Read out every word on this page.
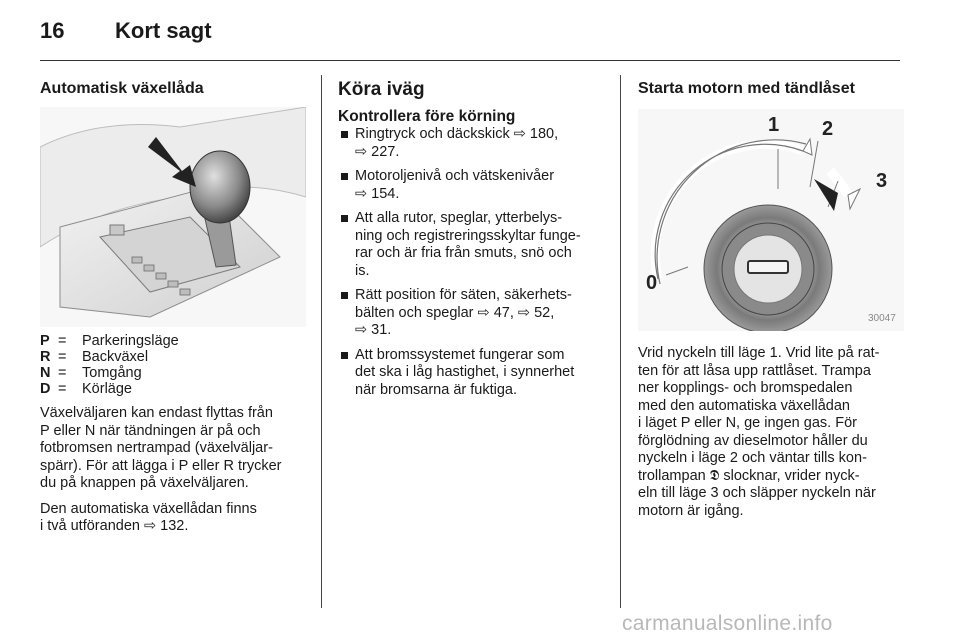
16	Kort sagt
Automatisk växellåda
P =	Parkeringsläge
R =	Backväxel
N =	Tomgång
D =	Körläge

Växelväljaren kan endast flyttas från
P eller N när tändningen är på och
fotbromsen nertrampad (växelväljar-
spärr). För att lägga i P eller R trycker
du på knappen på växelväljaren.

Den automatiska växellådan finns
i två utföranden ⇨ 132.

Köra iväg
Kontrollera före körning
Ringtryck och däckskick ⇨ 180,
⇨ 227.
Motoroljenivå och vätskenivåer
⇨ 154.
Att alla rutor, speglar, ytterbelys-
ning och registreringsskyltar funge-
rar och är fria från smuts, snö och
is.
Rätt position för säten, säkerhets-
bälten och speglar ⇨ 47, ⇨ 52,
⇨ 31.
Att bromssystemet fungerar som
det ska i låg hastighet, i synnerhet
när bromsarna är fuktiga.
Starta motorn med tändlåset
1 2
3
0
30047

Vrid nyckeln till läge 1. Vrid lite på rat-
ten för att låsa upp rattlåset. Trampa
ner kopplings- och bromspedalen
med den automatiska växellådan
i läget P eller N, ge ingen gas. För
förglödning av dieselmotor håller du
nyckeln i läge 2 och väntar tills kon-
trollampan 𝕯 slocknar, vrider nyck-
eln till läge 3 och släpper nyckeln när
motorn är igång.

carmanualsonline.info
